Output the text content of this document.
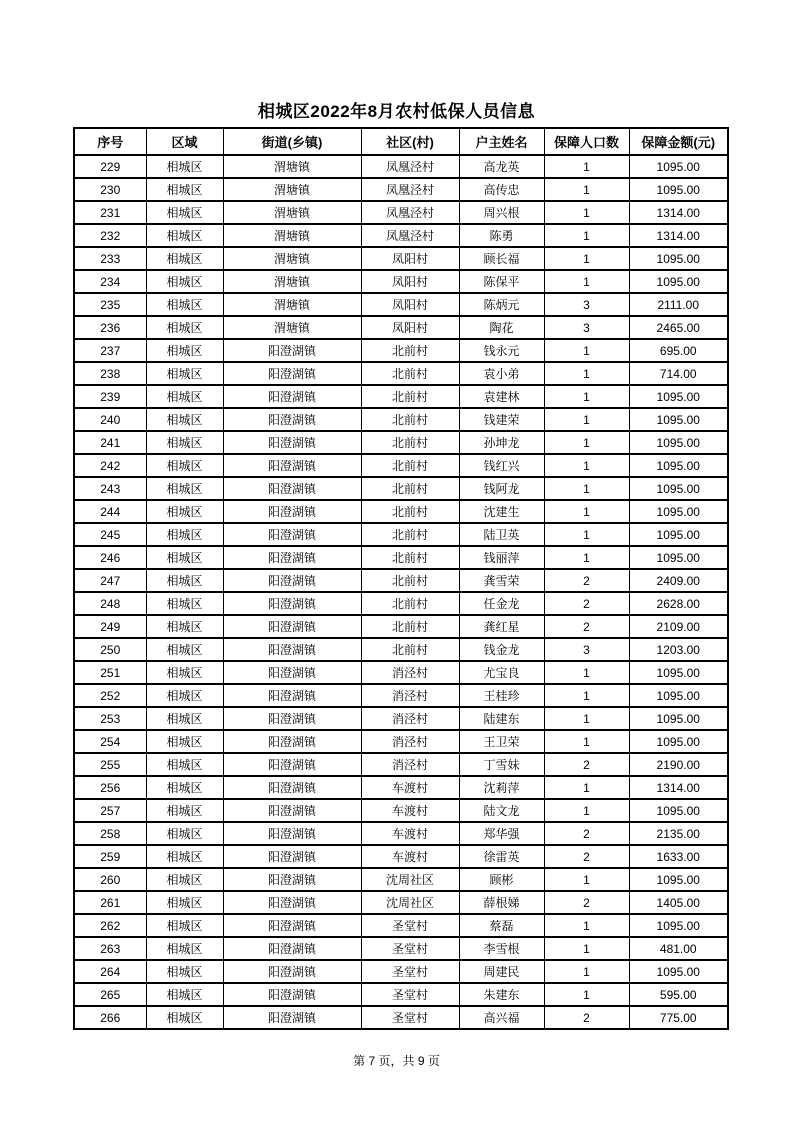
相城区2022年8月农村低保人员信息
序号	区域	街道(乡镇)	社区(村)	户主姓名	保障人口数	保障金额(元)
229	相城区	渭塘镇	凤凰泾村	高龙英	1	1095.00
230	相城区	渭塘镇	凤凰泾村	高传忠	1	1095.00
231	相城区	渭塘镇	凤凰泾村	周兴根	1	1314.00
232	相城区	渭塘镇	凤凰泾村	陈勇	1	1314.00
233	相城区	渭塘镇	凤阳村	顾长福	1	1095.00
234	相城区	渭塘镇	凤阳村	陈保平	1	1095.00
235	相城区	渭塘镇	凤阳村	陈炳元	3	2111.00
236	相城区	渭塘镇	凤阳村	陶花	3	2465.00
237	相城区	阳澄湖镇	北前村	钱永元	1	695.00
238	相城区	阳澄湖镇	北前村	袁小弟	1	714.00
239	相城区	阳澄湖镇	北前村	袁建林	1	1095.00
240	相城区	阳澄湖镇	北前村	钱建荣	1	1095.00
241	相城区	阳澄湖镇	北前村	孙坤龙	1	1095.00
242	相城区	阳澄湖镇	北前村	钱红兴	1	1095.00
243	相城区	阳澄湖镇	北前村	钱阿龙	1	1095.00
244	相城区	阳澄湖镇	北前村	沈建生	1	1095.00
245	相城区	阳澄湖镇	北前村	陆卫英	1	1095.00
246	相城区	阳澄湖镇	北前村	钱丽萍	1	1095.00
247	相城区	阳澄湖镇	北前村	龚雪荣	2	2409.00
248	相城区	阳澄湖镇	北前村	任金龙	2	2628.00
249	相城区	阳澄湖镇	北前村	龚红星	2	2109.00
250	相城区	阳澄湖镇	北前村	钱金龙	3	1203.00
251	相城区	阳澄湖镇	消泾村	尤宝良	1	1095.00
252	相城区	阳澄湖镇	消泾村	王桂珍	1	1095.00
253	相城区	阳澄湖镇	消泾村	陆建东	1	1095.00
254	相城区	阳澄湖镇	消泾村	王卫荣	1	1095.00
255	相城区	阳澄湖镇	消泾村	丁雪妹	2	2190.00
256	相城区	阳澄湖镇	车渡村	沈莉萍	1	1314.00
257	相城区	阳澄湖镇	车渡村	陆文龙	1	1095.00
258	相城区	阳澄湖镇	车渡村	郑华强	2	2135.00
259	相城区	阳澄湖镇	车渡村	徐雷英	2	1633.00
260	相城区	阳澄湖镇	沈周社区	顾彬	1	1095.00
261	相城区	阳澄湖镇	沈周社区	薛根娣	2	1405.00
262	相城区	阳澄湖镇	圣堂村	蔡磊	1	1095.00
263	相城区	阳澄湖镇	圣堂村	李雪根	1	481.00
264	相城区	阳澄湖镇	圣堂村	周建民	1	1095.00
265	相城区	阳澄湖镇	圣堂村	朱建东	1	595.00
266	相城区	阳澄湖镇	圣堂村	高兴福	2	775.00
第 7 页，共 9 页
